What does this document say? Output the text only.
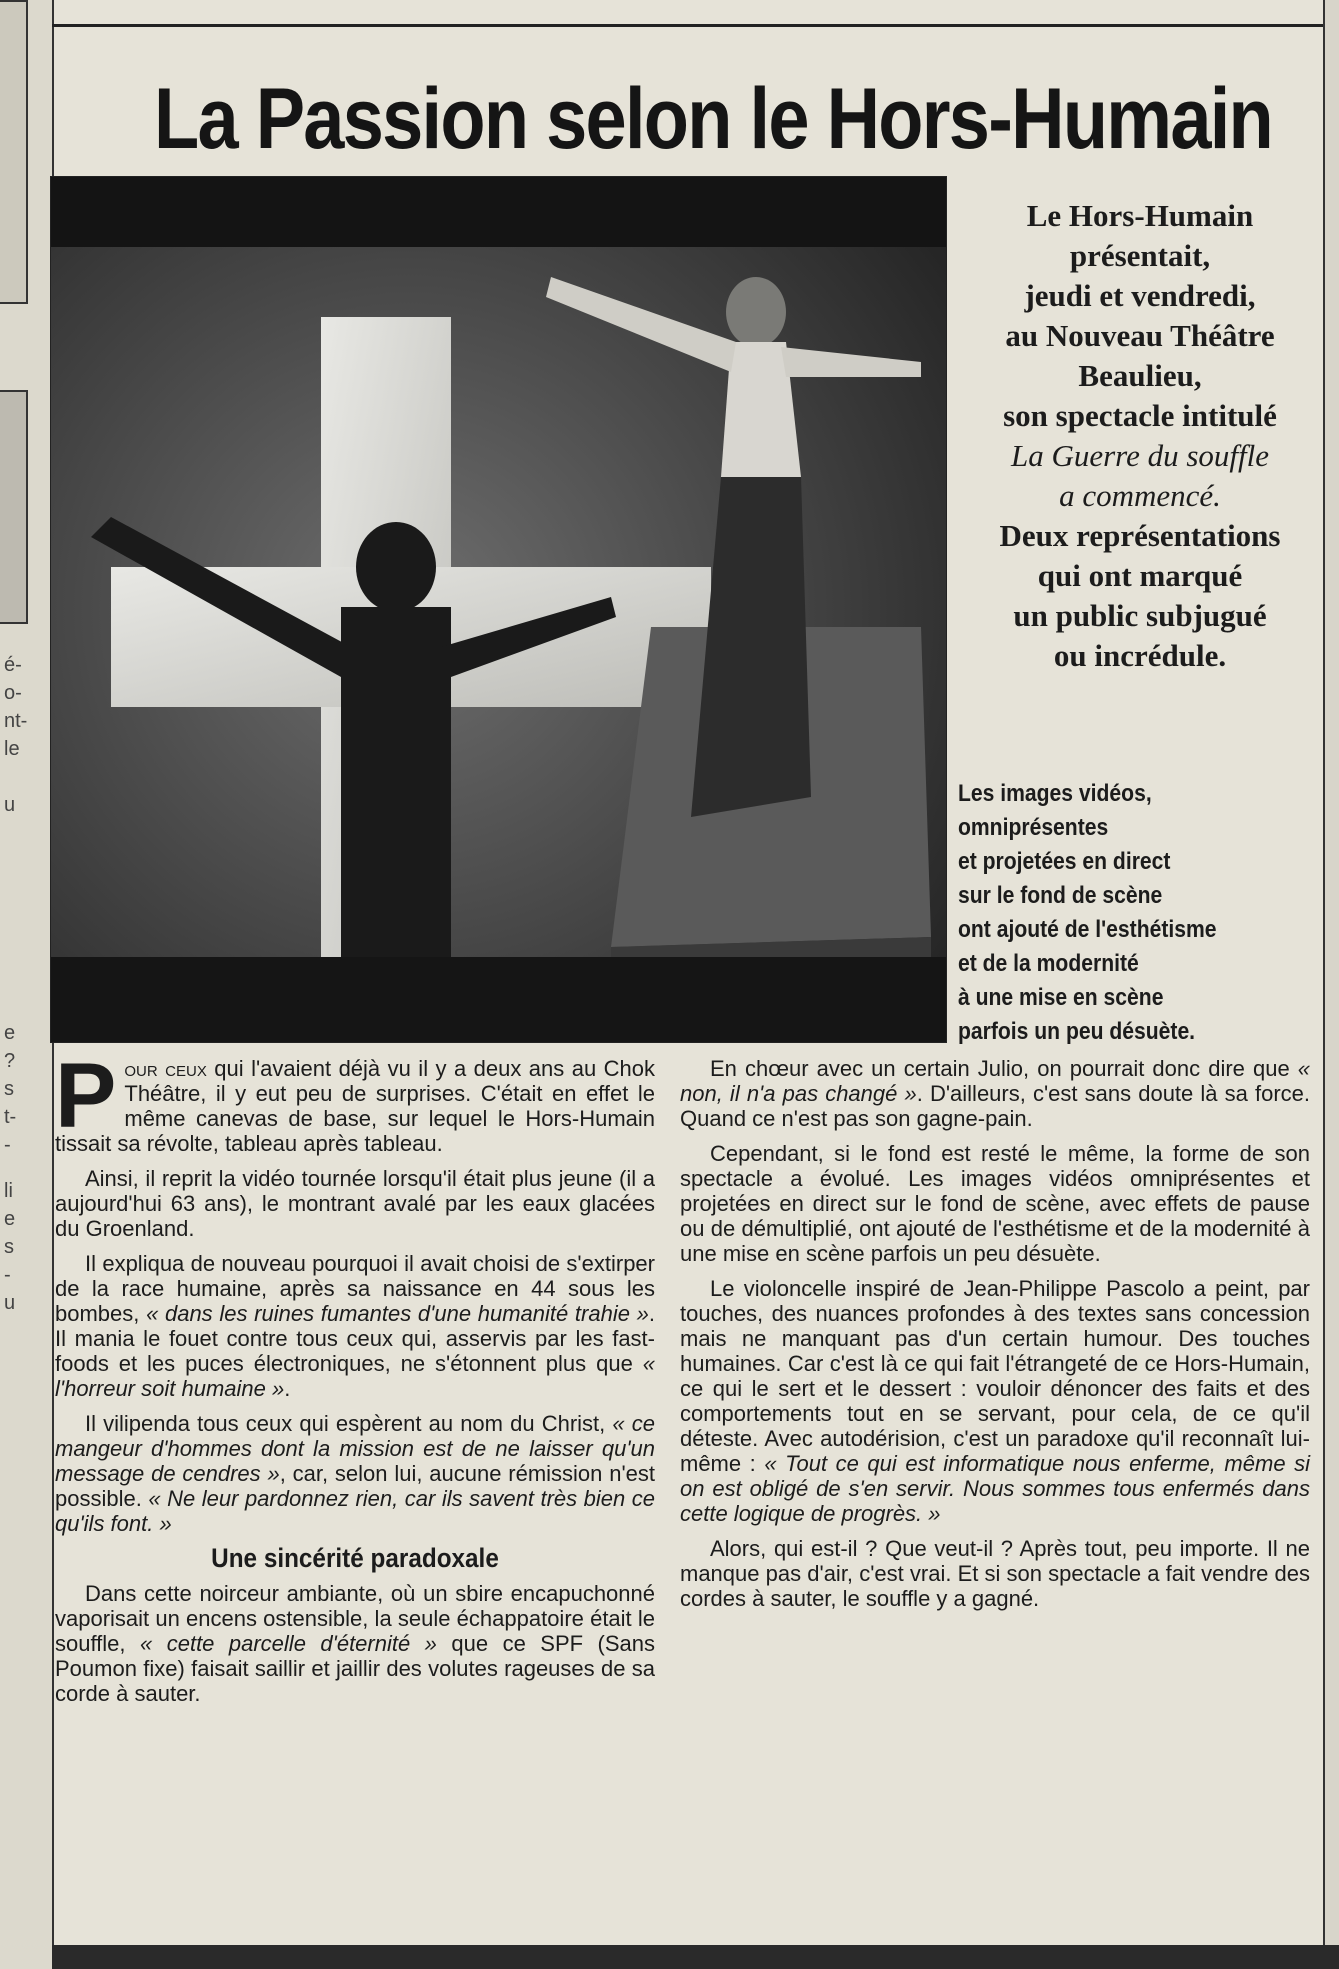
é-
o-
nt-
le
u
e
?
s
t-
-
li
e
s
-
u
La Passion selon le Hors-Humain
Le Hors-Humain
présentait,
jeudi et vendredi,
au Nouveau Théâtre
Beaulieu,
son spectacle intitulé
La Guerre du souffle
a commencé.
Deux représentations
qui ont marqué
un public subjugué
ou incrédule.

Les images vidéos,
omniprésentes
et projetées en direct
sur le fond de scène
ont ajouté de l'esthétisme
et de la modernité
à une mise en scène
parfois un peu désuète.

Pour ceux qui l'avaient déjà vu il y a deux ans au Chok Théâtre, il y eut peu de surprises. C'était en effet le même canevas de base, sur lequel le Hors-Humain tissait sa révolte, tableau après tableau.

Ainsi, il reprit la vidéo tournée lorsqu'il était plus jeune (il a aujourd'hui 63 ans), le montrant avalé par les eaux glacées du Groenland.

Il expliqua de nouveau pourquoi il avait choisi de s'extirper de la race humaine, après sa naissance en 44 sous les bombes, « dans les ruines fumantes d'une humanité trahie ». Il mania le fouet contre tous ceux qui, asservis par les fast-foods et les puces électroniques, ne s'étonnent plus que « l'horreur soit humaine ».

Il vilipenda tous ceux qui espèrent au nom du Christ, « ce mangeur d'hommes dont la mission est de ne laisser qu'un message de cendres », car, selon lui, aucune rémission n'est possible. « Ne leur pardonnez rien, car ils savent très bien ce qu'ils font. »

Une sincérité paradoxale

Dans cette noirceur ambiante, où un sbire encapuchonné vaporisait un encens ostensible, la seule échappatoire était le souffle, « cette parcelle d'éternité » que ce SPF (Sans Poumon fixe) faisait saillir et jaillir des volutes rageuses de sa corde à sauter.

En chœur avec un certain Julio, on pourrait donc dire que « non, il n'a pas changé ». D'ailleurs, c'est sans doute là sa force. Quand ce n'est pas son gagne-pain.

Cependant, si le fond est resté le même, la forme de son spectacle a évolué. Les images vidéos omniprésentes et projetées en direct sur le fond de scène, avec effets de pause ou de démultiplié, ont ajouté de l'esthétisme et de la modernité à une mise en scène parfois un peu désuète.

Le violoncelle inspiré de Jean-Philippe Pascolo a peint, par touches, des nuances profondes à des textes sans concession mais ne manquant pas d'un certain humour. Des touches humaines. Car c'est là ce qui fait l'étrangeté de ce Hors-Humain, ce qui le sert et le dessert : vouloir dénoncer des faits et des comportements tout en se servant, pour cela, de ce qu'il déteste. Avec autodérision, c'est un paradoxe qu'il reconnaît lui-même : « Tout ce qui est informatique nous enferme, même si on est obligé de s'en servir. Nous sommes tous enfermés dans cette logique de progrès. »

Alors, qui est-il ? Que veut-il ? Après tout, peu importe. Il ne manque pas d'air, c'est vrai. Et si son spectacle a fait vendre des cordes à sauter, le souffle y a gagné.
